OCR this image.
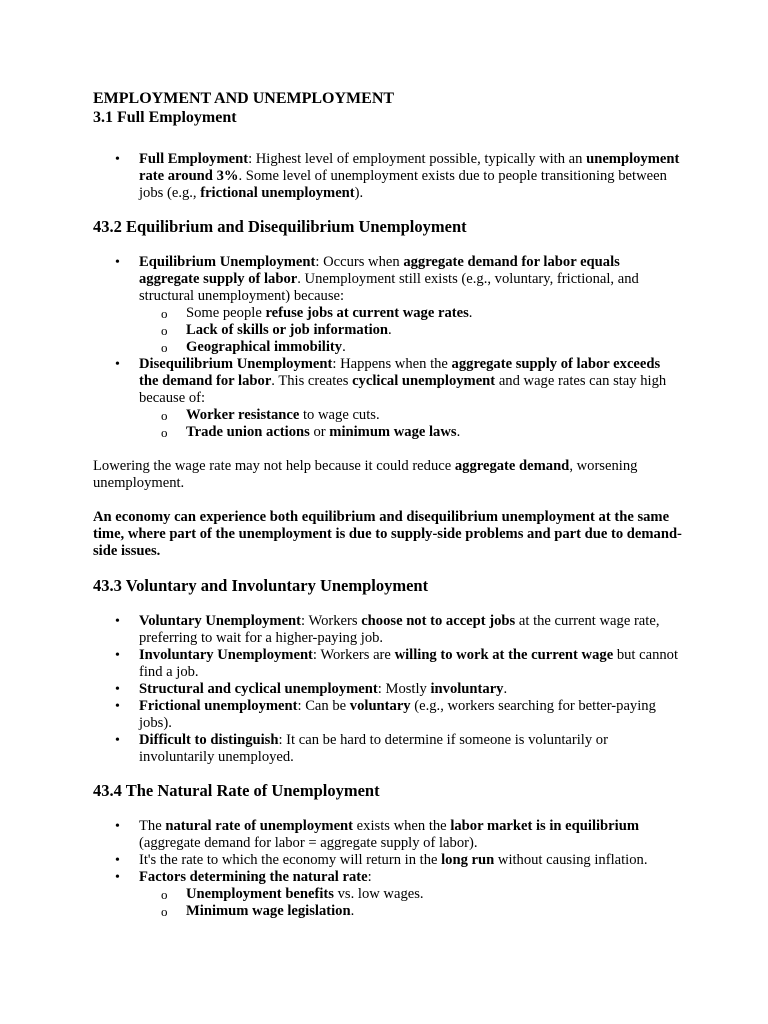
EMPLOYMENT AND UNEMPLOYMENT

3.1 Full Employment

• Full Employment: Highest level of employment possible, typically with an unemployment rate around 3%. Some level of unemployment exists due to people transitioning between jobs (e.g., frictional unemployment).

43.2 Equilibrium and Disequilibrium Unemployment

• Equilibrium Unemployment: Occurs when aggregate demand for labor equals aggregate supply of labor. Unemployment still exists (e.g., voluntary, frictional, and structural unemployment) because:
o Some people refuse jobs at current wage rates.
o Lack of skills or job information.
o Geographical immobility.
• Disequilibrium Unemployment: Happens when the aggregate supply of labor exceeds the demand for labor. This creates cyclical unemployment and wage rates can stay high because of:
o Worker resistance to wage cuts.
o Trade union actions or minimum wage laws.

Lowering the wage rate may not help because it could reduce aggregate demand, worsening unemployment.

An economy can experience both equilibrium and disequilibrium unemployment at the same time, where part of the unemployment is due to supply-side problems and part due to demand-side issues.

43.3 Voluntary and Involuntary Unemployment

• Voluntary Unemployment: Workers choose not to accept jobs at the current wage rate, preferring to wait for a higher-paying job.
• Involuntary Unemployment: Workers are willing to work at the current wage but cannot find a job.
• Structural and cyclical unemployment: Mostly involuntary.
• Frictional unemployment: Can be voluntary (e.g., workers searching for better-paying jobs).
• Difficult to distinguish: It can be hard to determine if someone is voluntarily or involuntarily unemployed.

43.4 The Natural Rate of Unemployment

• The natural rate of unemployment exists when the labor market is in equilibrium (aggregate demand for labor = aggregate supply of labor).
• It's the rate to which the economy will return in the long run without causing inflation.
• Factors determining the natural rate:
o Unemployment benefits vs. low wages.
o Minimum wage legislation.
